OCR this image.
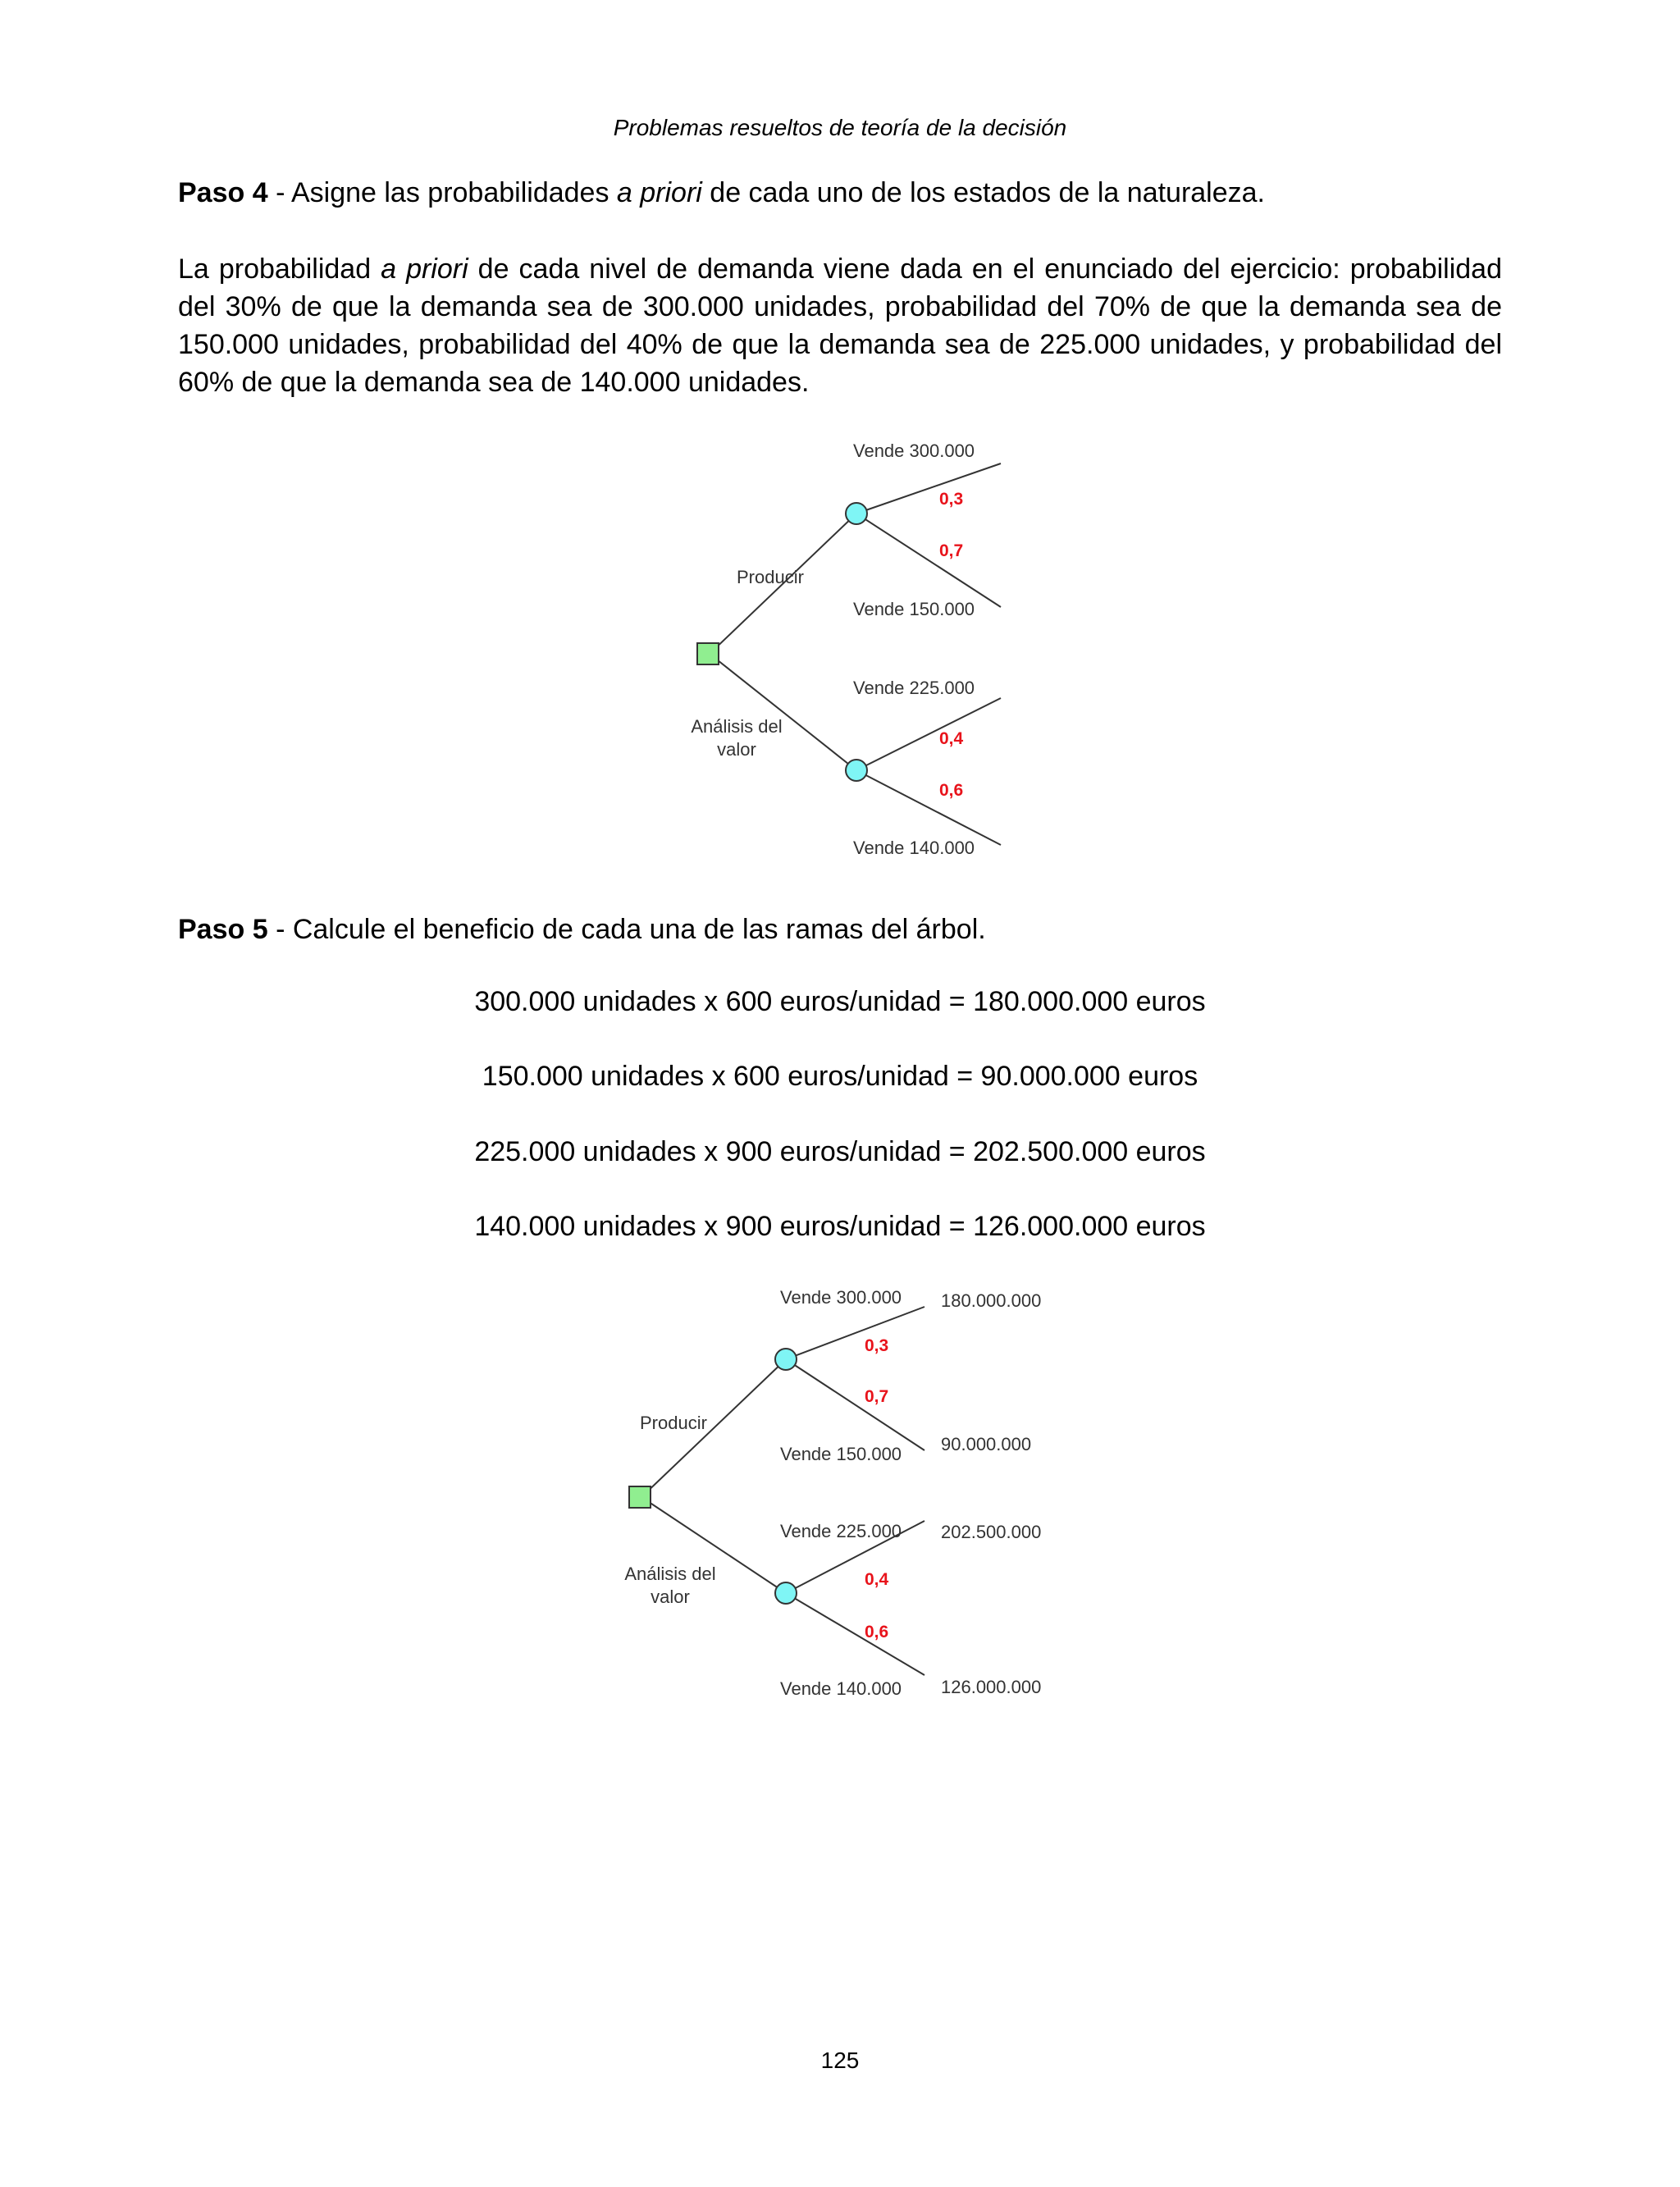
Problemas resueltos de teoría de la decisión
Paso 4 - Asigne las probabilidades a priori de cada uno de los estados de la naturaleza.
La probabilidad a priori de cada nivel de demanda viene dada en el enunciado del ejercicio: probabilidad del 30% de que la demanda sea de 300.000 unidades, probabilidad del 70% de que la demanda sea de 150.000 unidades, probabilidad del 40% de que la demanda sea de 225.000 unidades, y probabilidad del 60% de que la demanda sea de 140.000 unidades.
Producir
Análisis del
valor
Vende 300.000
0,3
0,7
Vende 150.000
Vende 225.000
0,4
0,6
Vende 140.000
Paso 5 - Calcule el beneficio de cada una de las ramas del árbol.
300.000 unidades x 600 euros/unidad = 180.000.000 euros
150.000 unidades x 600 euros/unidad = 90.000.000 euros
225.000 unidades x 900 euros/unidad = 202.500.000 euros
140.000 unidades x 900 euros/unidad = 126.000.000 euros
Producir
Análisis del
valor
Vende 300.000
0,3
0,7
Vende 150.000
Vende 225.000
0,4
0,6
Vende 140.000
180.000.000
90.000.000
202.500.000
126.000.000
125
